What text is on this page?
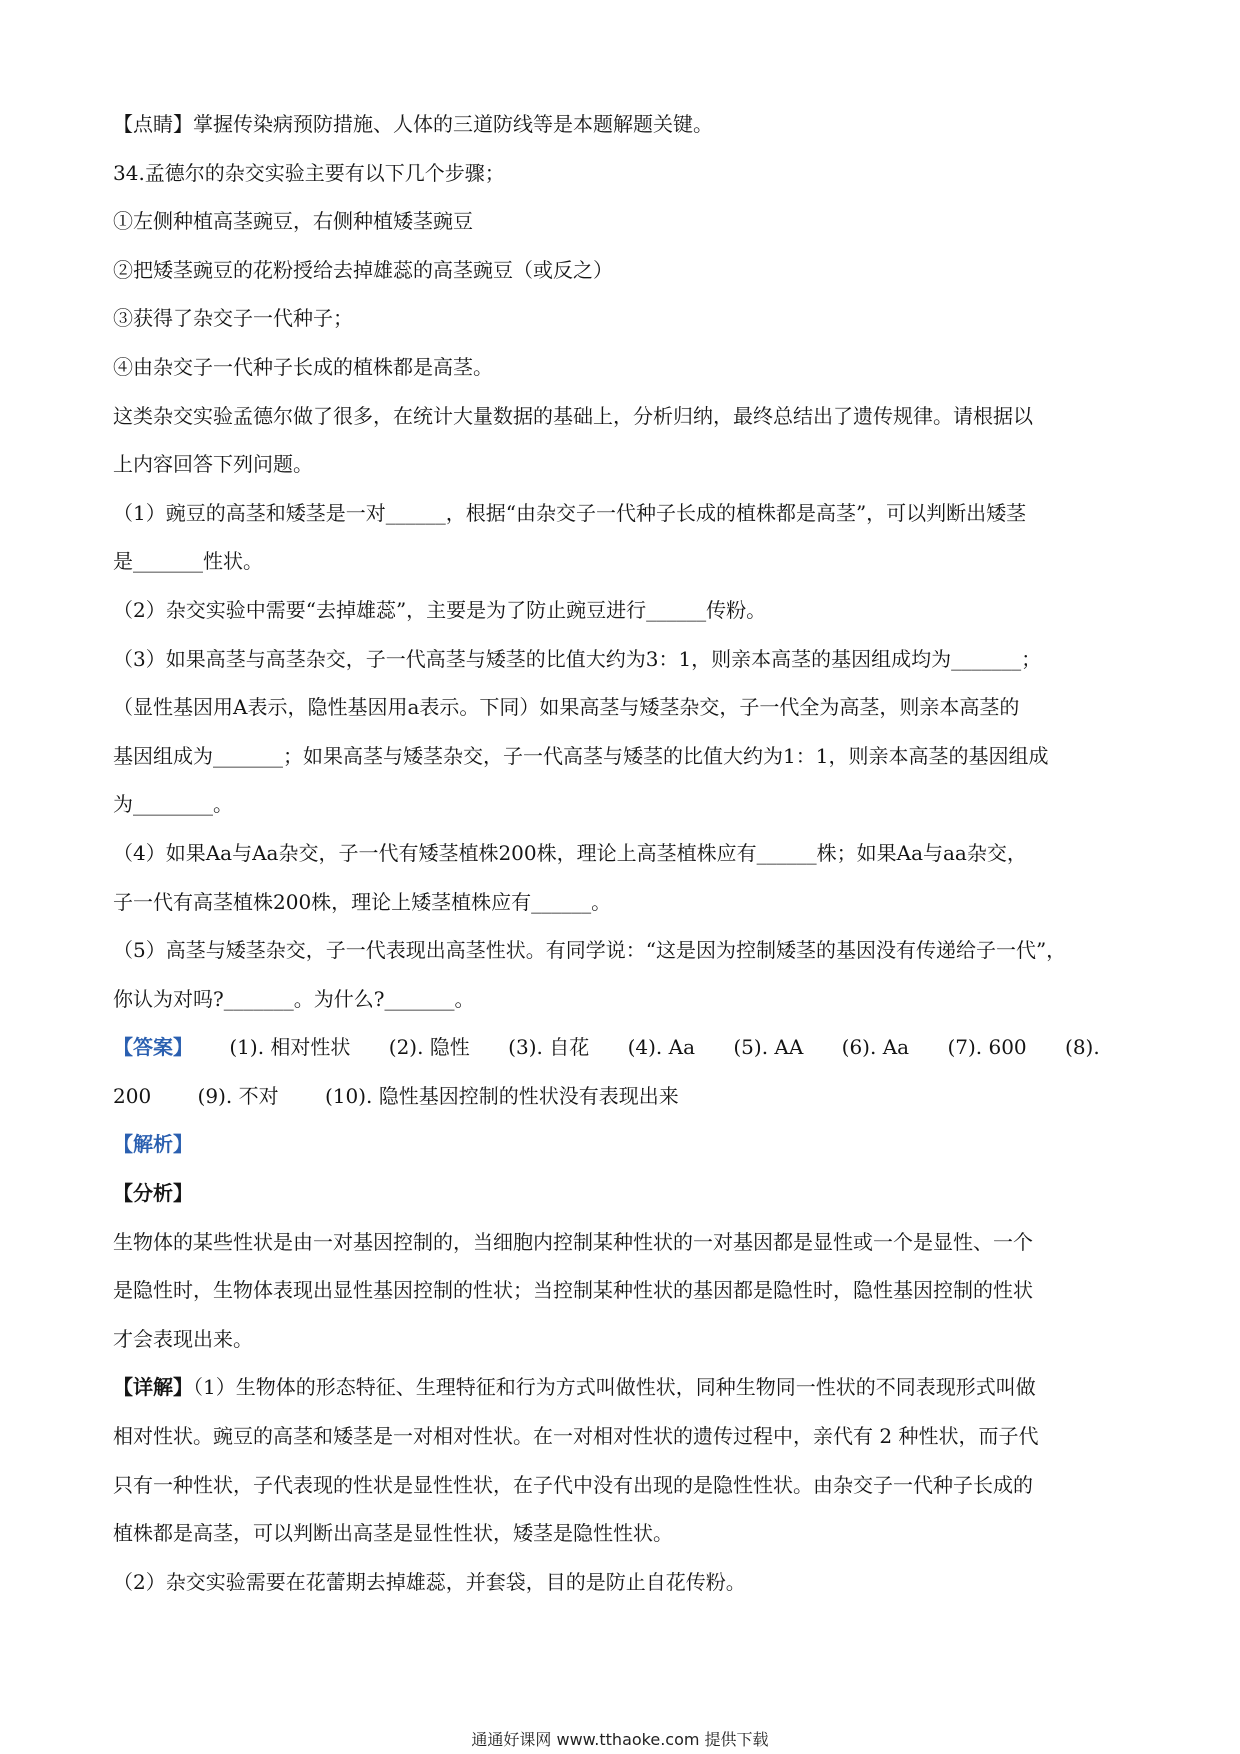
【点睛】掌握传染病预防措施、人体的三道防线等是本题解题关键。
34.孟德尔的杂交实验主要有以下几个步骤；
①左侧种植高茎豌豆，右侧种植矮茎豌豆
②把矮茎豌豆的花粉授给去掉雄蕊的高茎豌豆（或反之）
③获得了杂交子一代种子；
④由杂交子一代种子长成的植株都是高茎。
这类杂交实验孟德尔做了很多，在统计大量数据的基础上，分析归纳，最终总结出了遗传规律。请根据以
上内容回答下列问题。
（1）豌豆的高茎和矮茎是一对______，根据“由杂交子一代种子长成的植株都是高茎”，可以判断出矮茎
是_______性状。
（2）杂交实验中需要“去掉雄蕊”，主要是为了防止豌豆进行______传粉。
（3）如果高茎与高茎杂交，子一代高茎与矮茎的比值大约为3：1，则亲本高茎的基因组成均为_______；
（显性基因用A表示，隐性基因用a表示。下同）如果高茎与矮茎杂交，子一代全为高茎，则亲本高茎的
基因组成为_______；如果高茎与矮茎杂交，子一代高茎与矮茎的比值大约为1：1，则亲本高茎的基因组成
为________。
（4）如果Aa与Aa杂交，子一代有矮茎植株200株，理论上高茎植株应有______株；如果Aa与aa杂交，
子一代有高茎植株200株，理论上矮茎植株应有______。
（5）高茎与矮茎杂交，子一代表现出高茎性状。有同学说：“这是因为控制矮茎的基因没有传递给子一代”，
你认为对吗?_______。为什么?_______。
【答案】 (1). 相对性状 (2). 隐性 (3). 自花 (4). Aa (5). AA (6). Aa (7). 600 (8).
200 (9). 不对 (10). 隐性基因控制的性状没有表现出来
【解析】
【分析】
生物体的某些性状是由一对基因控制的，当细胞内控制某种性状的一对基因都是显性或一个是显性、一个
是隐性时，生物体表现出显性基因控制的性状；当控制某种性状的基因都是隐性时，隐性基因控制的性状
才会表现出来。
【详解】（1）生物体的形态特征、生理特征和行为方式叫做性状，同种生物同一性状的不同表现形式叫做
相对性状。豌豆的高茎和矮茎是一对相对性状。在一对相对性状的遗传过程中，亲代有 2 种性状，而子代
只有一种性状，子代表现的性状是显性性状，在子代中没有出现的是隐性性状。由杂交子一代种子长成的
植株都是高茎，可以判断出高茎是显性性状，矮茎是隐性性状。
（2）杂交实验需要在花蕾期去掉雄蕊，并套袋，目的是防止自花传粉。
通通好课网 www.tthaoke.com 提供下载
